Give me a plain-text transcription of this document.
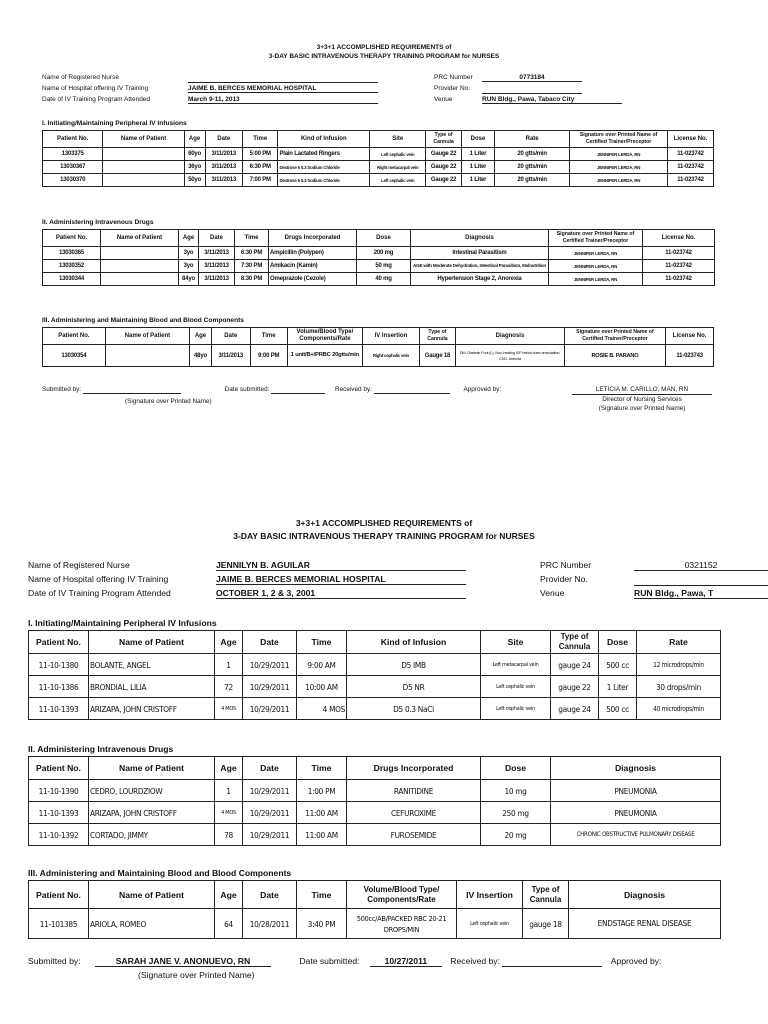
3+3+1 ACCOMPLISHED REQUIREMENTS of
3-DAY BASIC INTRAVENOUS THERAPY TRAINING PROGRAM for NURSES
Name of Registered Nurse	PRC Number	0773184
Name of Hospital offering IV Training	JAIME B. BERCES MEMORIAL HOSPITAL	Provider No.
Date of IV Training Program Attended	March 9-11, 2013	Venue	RUN Bldg., Pawa, Tabaco City
I. Initiating/Maintaining Peripheral IV Infusions
Patient No.	Name of Patient	Age	Date	Time	Kind of Infusion	Site	Type of Cannula	Dose	Rate	Signature over Printed Name of Certified Trainer/Preceptor	License No.
1303375		60yo	3/11/2013	5:00 PM	Plain Lactated Ringers	Left cephalic vein	Gauge 22	1 Liter	20 gtts/min	JENNIFER LERDA, RN	11-023742
13030367		36yo	3/11/2013	6:30 PM	Dextrose 5 0.3 Sodium Chloride	Right metacarpal vein	Gauge 22	1 Liter	20 gtts/min	JENNIFER LERDA, RN	11-023742
13030370		50yo	3/11/2013	7:00 PM	Dextrose 5 0.3 Sodium Chloride	Left cephalic vein	Gauge 22	1 Liter	20 gtts/min	JENNIFER LERDA, RN	11-023742
II. Administering Intravenous Drugs
Patient No.	Name of Patient	Age	Date	Time	Drugs Incorporated	Dose	Diagnosis	Signature over Printed Name of Certified Trainer/Preceptor	License No.
13030365		3yo	3/11/2013	6:30 PM	Ampicillin (Polypen)	200 mg	Intestinal Parasitism	JENNIFER LERDA, RN	11-023742
13030352		3yo	3/11/2013	7:30 PM	Amikacin (Kamin)	50 mg	AGE with Moderate Dehydration, Intestinal Parasitism, Malnutrition	JENNIFER LERDA, RN	11-023742
13030344		84yo	3/11/2013	8:30 PM	Omeprazole (Cezole)	40 mg	Hypertension Stage 2, Anorexia	JENNIFER LERDA, RN	11-023742
III. Administering and Maintaining Blood and Blood Components
Patient No.	Name of Patient	Age	Date	Time	Volume/Blood Type/ Components/Rate	IV Insertion	Type of Cannula	Diagnosis	Signature over Printed Name of Certified Trainer/Preceptor	License No.
13030354		48yo	3/11/2013	9:00 PM	1 unit/B+/PRBC 20gtts/min	Right cephalic vein	Gauge 18	DM, Diabetic Foot (L), Non-healing S/P below knee amputation, CKD, Anemia	ROSIE B. PARANO	11-023743
Submitted by:	Date submitted:	Received by:	Approved by:
(Signature over Printed Name)
LETICIA M. CARILLO, MAN, RN
Director of Nursing Services
(Signature over Printed Name)
3+3+1 ACCOMPLISHED REQUIREMENTS of
3-DAY BASIC INTRAVENOUS THERAPY TRAINING PROGRAM for NURSES
Name of Registered Nurse	JENNILYN B. AGUILAR	PRC Number	0321152
Name of Hospital offering IV Training	JAIME B. BERCES MEMORIAL HOSPITAL	Provider No.
Date of IV Training Program Attended	OCTOBER 1, 2 & 3, 2001	Venue	RUN Bldg., Pawa, T
I. Initiating/Maintaining Peripheral IV Infusions
Patient No.	Name of Patient	Age	Date	Time	Kind of Infusion	Site	Type of Cannula	Dose	Rate
11-10-1380	BOLANTE, ANGEL	1	10/29/2011	9:00 AM	D5 IMB	Left metacarpal vein	gauge 24	500 cc	12 microdrops/min
11-10-1386	BRONDIAL, LILIA	72	10/29/2011	10:00 AM	D5 NR	Left cephalic vein	gauge 22	1 Liter	30 drops/min
11-10-1393	ARIZAPA, JOHN CRISTOFF	4 MOS	10/29/2011	4 MOS	D5 0.3 NaCl	Left cephalic vein	gauge 24	500 cc	40 microdrops/min
II. Administering Intravenous Drugs
Patient No.	Name of Patient	Age	Date	Time	Drugs Incorporated	Dose	Diagnosis
11-10-1390	CEDRO, LOURDZIOW	1	10/29/2011	1:00 PM	RANITIDINE	10 mg	PNEUMONIA
11-10-1393	ARIZAPA, JOHN CRISTOFF	4 MOS	10/29/2011	11:00 AM	CEFUROXIME	250 mg	PNEUMONIA
11-10-1392	CORTADO, JIMMY	78	10/29/2011	11:00 AM	FUROSEMIDE	20 mg	CHRONIC OBSTRUCTIVE PULMONARY DISEASE
III. Administering and Maintaining Blood and Blood Components
Patient No.	Name of Patient	Age	Date	Time	Volume/Blood Type/ Components/Rate	IV Insertion	Type of Cannula	Diagnosis
11-101385	ARIOLA, ROMEO	64	10/28/2011	3:40 PM	500cc/AB/PACKED RBC 20-21 DROPS/MIN	Left cephalic vein	gauge 18	ENDSTAGE RENAL DISEASE
Submitted by:	SARAH JANE V. ANONUEVO, RN	Date submitted:	10/27/2011	Received by:	Approved by:
(Signature over Printed Name)
